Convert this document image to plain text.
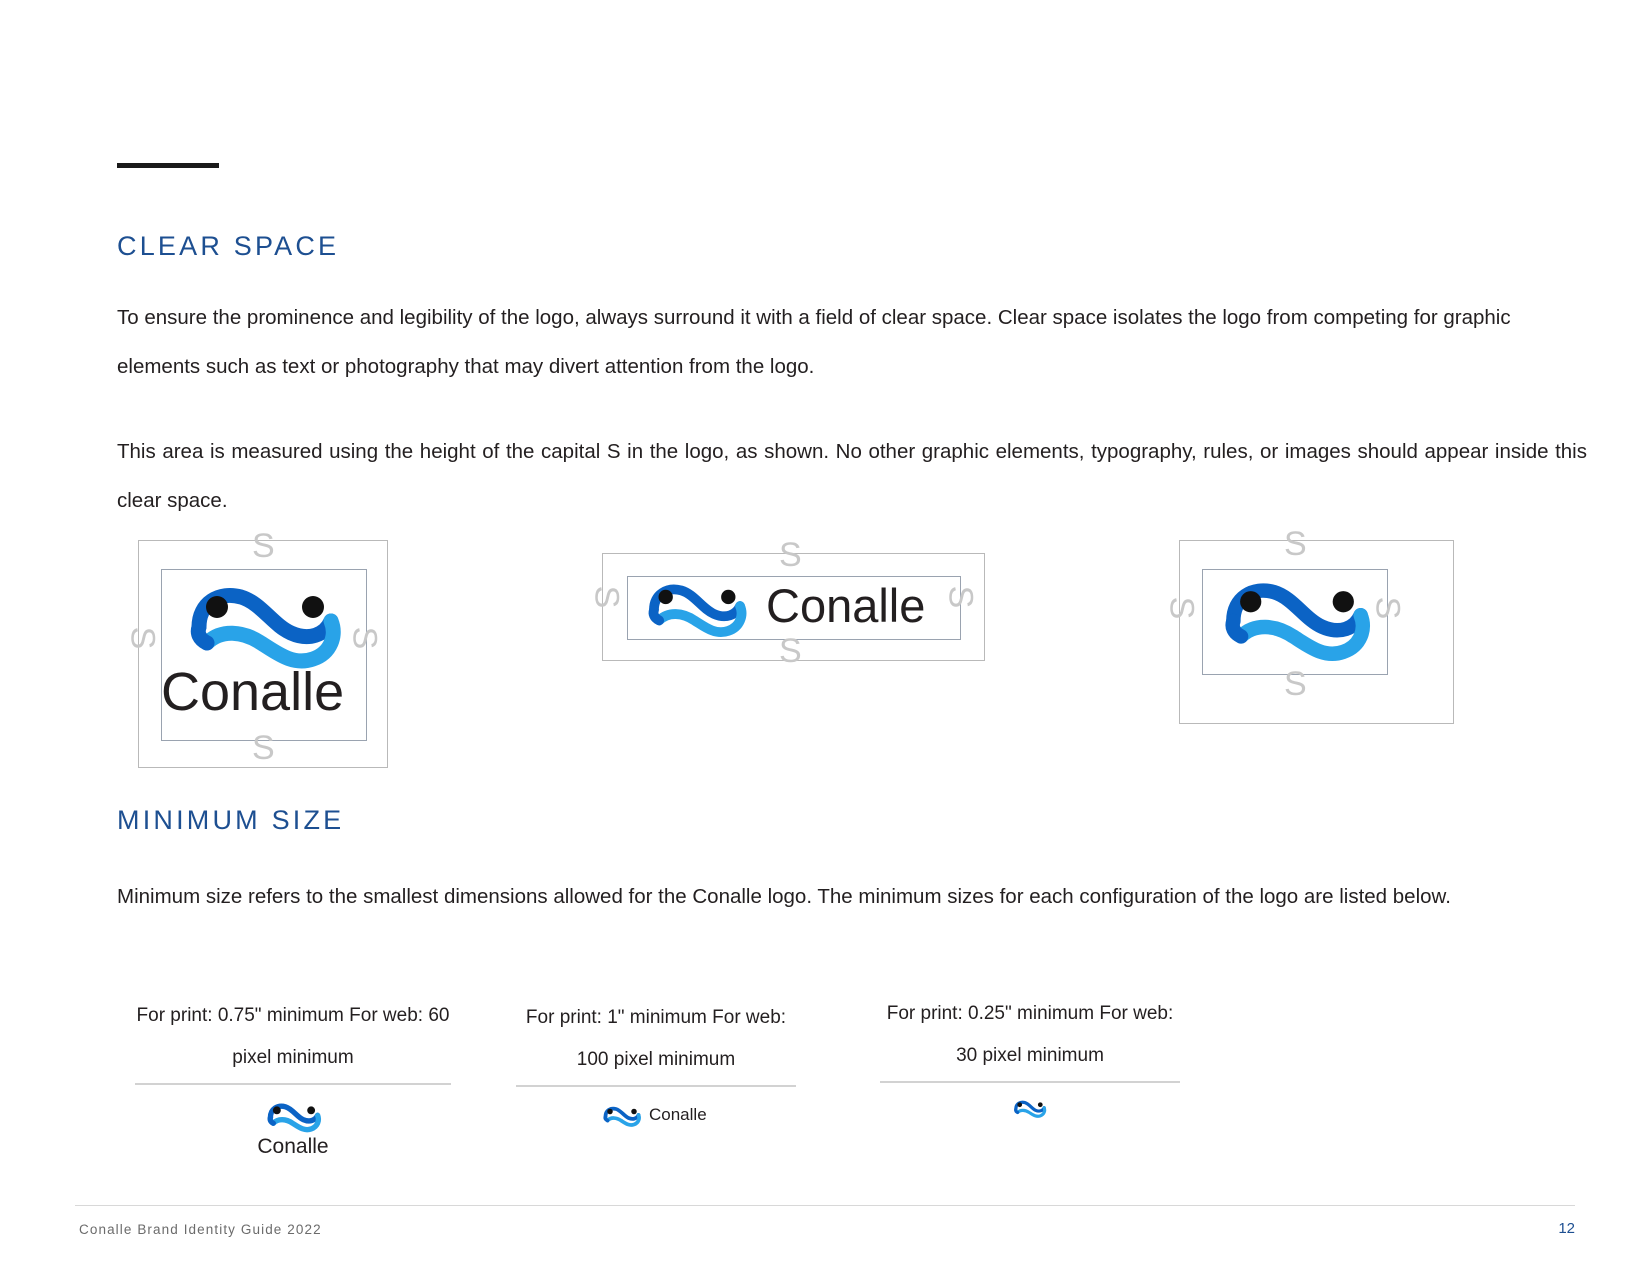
CLEAR SPACE
To ensure the prominence and legibility of the logo, always surround it with a field of clear space. Clear space isolates the logo from competing for graphic elements such as text or photography that may divert attention from the logo.
This area is measured using the height of the capital S in the logo, as shown. No other graphic elements, typography, rules, or images should appear inside this clear space.
S
S
S	S
Conalle
S
S
S	S
Conalle
S
S
S	S
MINIMUM SIZE
Minimum size refers to the smallest dimensions allowed for the Conalle logo. The minimum sizes for each configuration of the logo are listed below.
For print: 0.75" minimum For web: 60 pixel minimum
Conalle
For print: 1" minimum For web: 100 pixel minimum
Conalle
For print: 0.25" minimum For web: 30 pixel minimum
Conalle Brand Identity Guide 2022	12
